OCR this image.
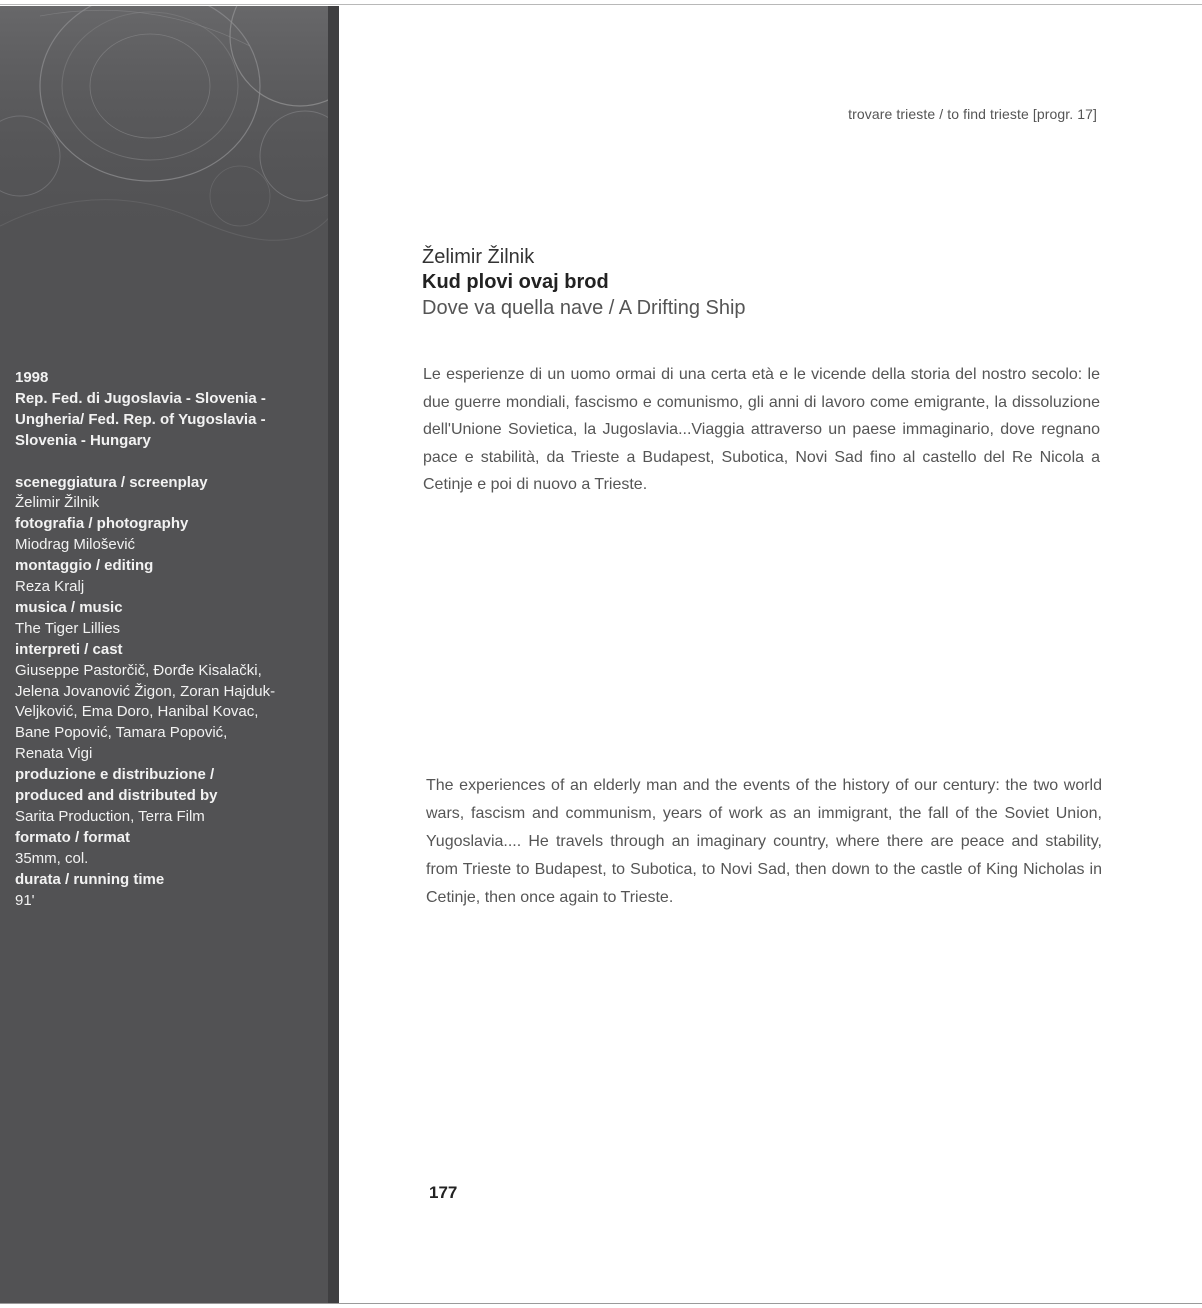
1998
Rep. Fed. di Jugoslavia - Slovenia -
Ungheria/ Fed. Rep. of Yugoslavia -
Slovenia - Hungary
sceneggiatura / screenplay
Želimir Žilnik
fotografia / photography
Miodrag Milošević
montaggio / editing
Reza Kralj
musica / music
The Tiger Lillies
interpreti / cast
Giuseppe Pastorčič, Đorđe Kisalački,
Jelena Jovanović Žigon, Zoran Hajduk-
Veljković, Ema Doro, Hanibal Kovac,
Bane Popović, Tamara Popović,
Renata Vigi
produzione e distribuzione /
produced and distributed by
Sarita Production, Terra Film
formato / format
35mm, col.
durata / running time
91'
trovare trieste / to find trieste [progr. 17]
Želimir Žilnik
Kud plovi ovaj brod
Dove va quella nave / A Drifting Ship

Le esperienze di un uomo ormai di una certa età e le vicende della storia del nostro secolo: le due guerre mondiali, fascismo e comunismo, gli anni di lavoro come emigrante, la dissoluzione dell'Unione Sovietica, la Jugoslavia...Viaggia attraverso un paese immaginario, dove regnano pace e stabilità, da Trieste a Budapest, Subotica, Novi Sad fino al castello del Re Nicola a Cetinje e poi di nuovo a Trieste.

The experiences of an elderly man and the events of the history of our century: the two world wars, fascism and communism, years of work as an immigrant, the fall of the Soviet Union, Yugoslavia.... He travels through an imaginary country, where there are peace and stability, from Trieste to Budapest, to Subotica, to Novi Sad, then down to the castle of King Nicholas in Cetinje, then once again to Trieste.

177
